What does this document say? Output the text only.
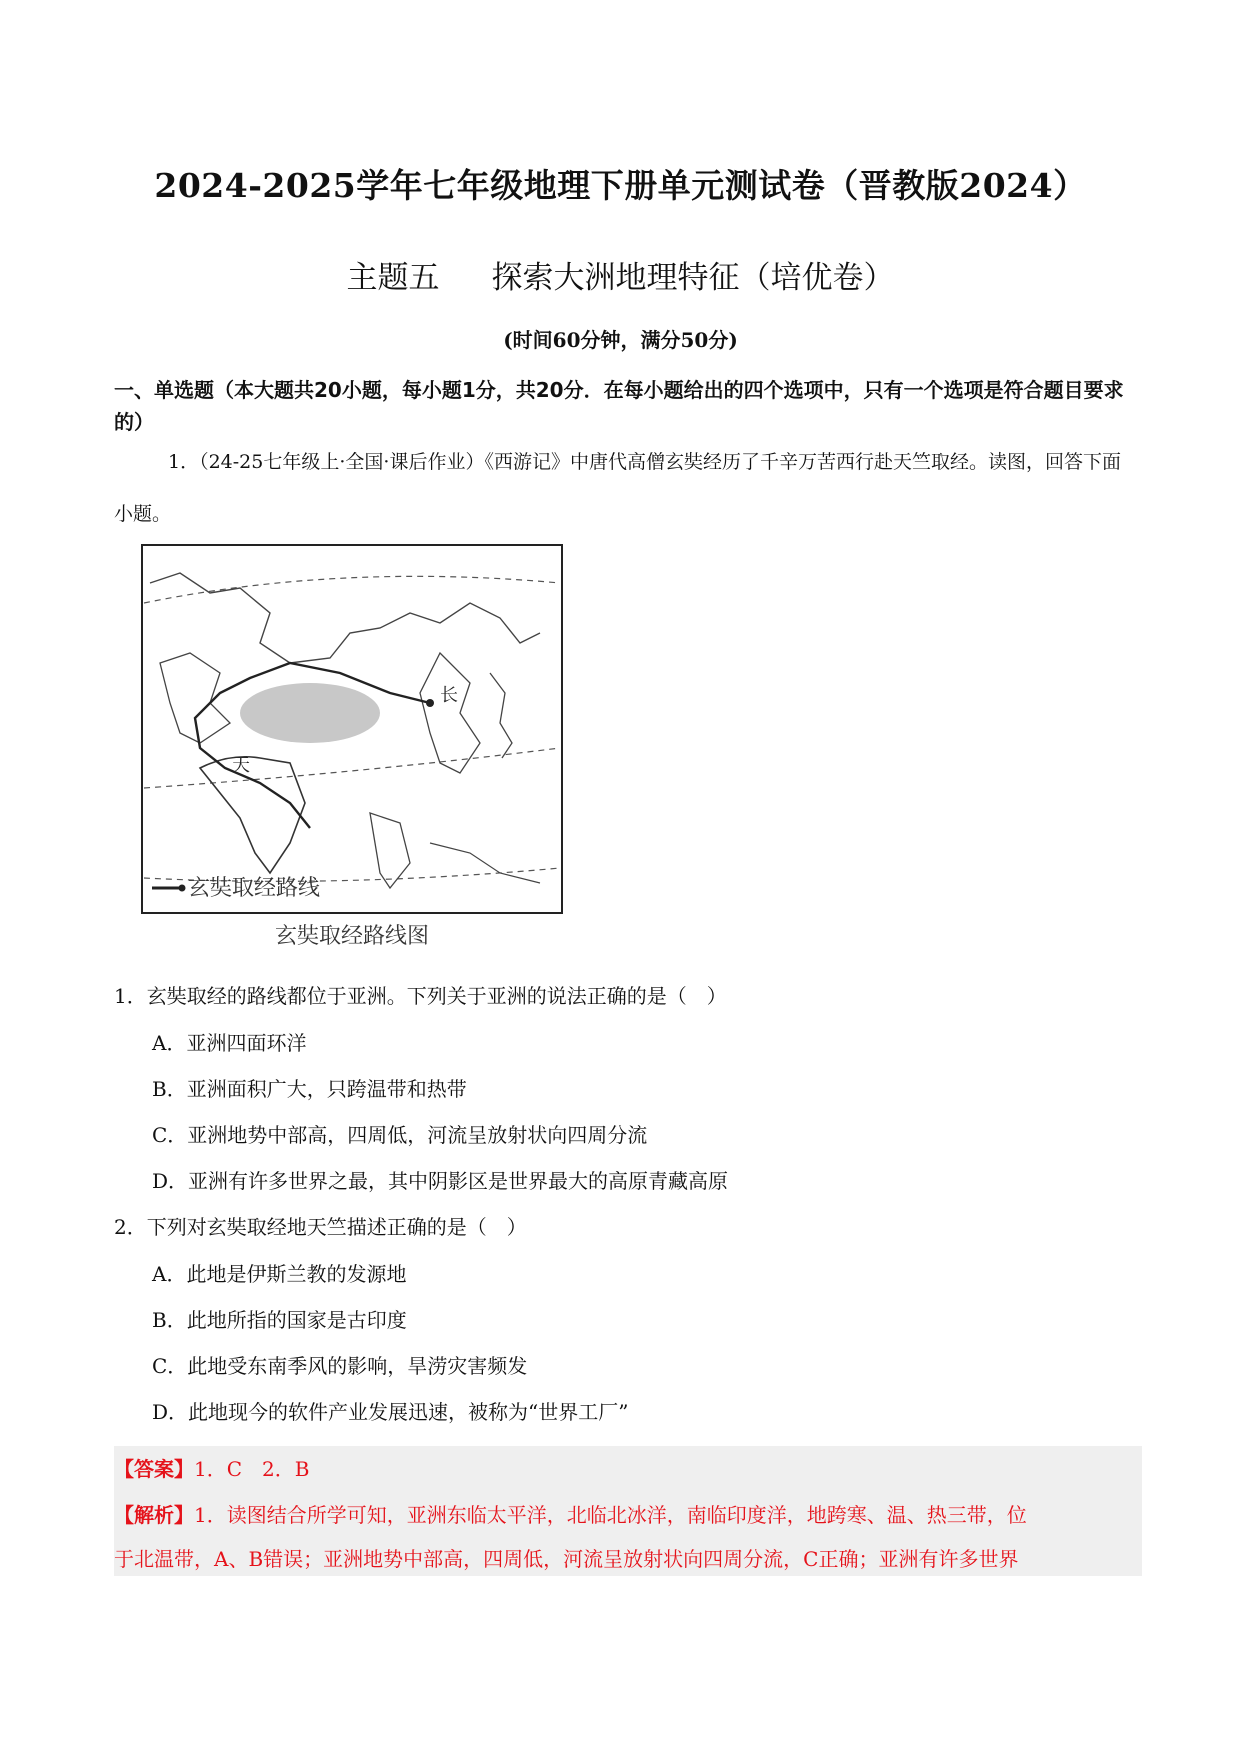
2024-2025学年七年级地理下册单元测试卷（晋教版2024）
主题五 探索大洲地理特征（培优卷）
(时间60分钟，满分50分)
一、单选题（本大题共20小题，每小题1分，共20分．在每小题给出的四个选项中，只有一个选项是符合题目要求的）
1．（24-25七年级上·全国·课后作业）《西游记》中唐代高僧玄奘经历了千辛万苦西行赴天竺取经。读图，回答下面小题。
天
长
玄奘取经路线
玄奘取经路线图
1．玄奘取经的路线都位于亚洲。下列关于亚洲的说法正确的是（　）
A．亚洲四面环洋
B．亚洲面积广大，只跨温带和热带
C．亚洲地势中部高，四周低，河流呈放射状向四周分流
D．亚洲有许多世界之最，其中阴影区是世界最大的高原青藏高原
2．下列对玄奘取经地天竺描述正确的是（　）
A．此地是伊斯兰教的发源地
B．此地所指的国家是古印度
C．此地受东南季风的影响，旱涝灾害频发
D．此地现今的软件产业发展迅速，被称为“世界工厂”
【答案】1．C　2．B
【解析】1．读图结合所学可知，亚洲东临太平洋，北临北冰洋，南临印度洋，地跨寒、温、热三带，位
于北温带，A、B错误；亚洲地势中部高，四周低，河流呈放射状向四周分流，C正确；亚洲有许多世界
